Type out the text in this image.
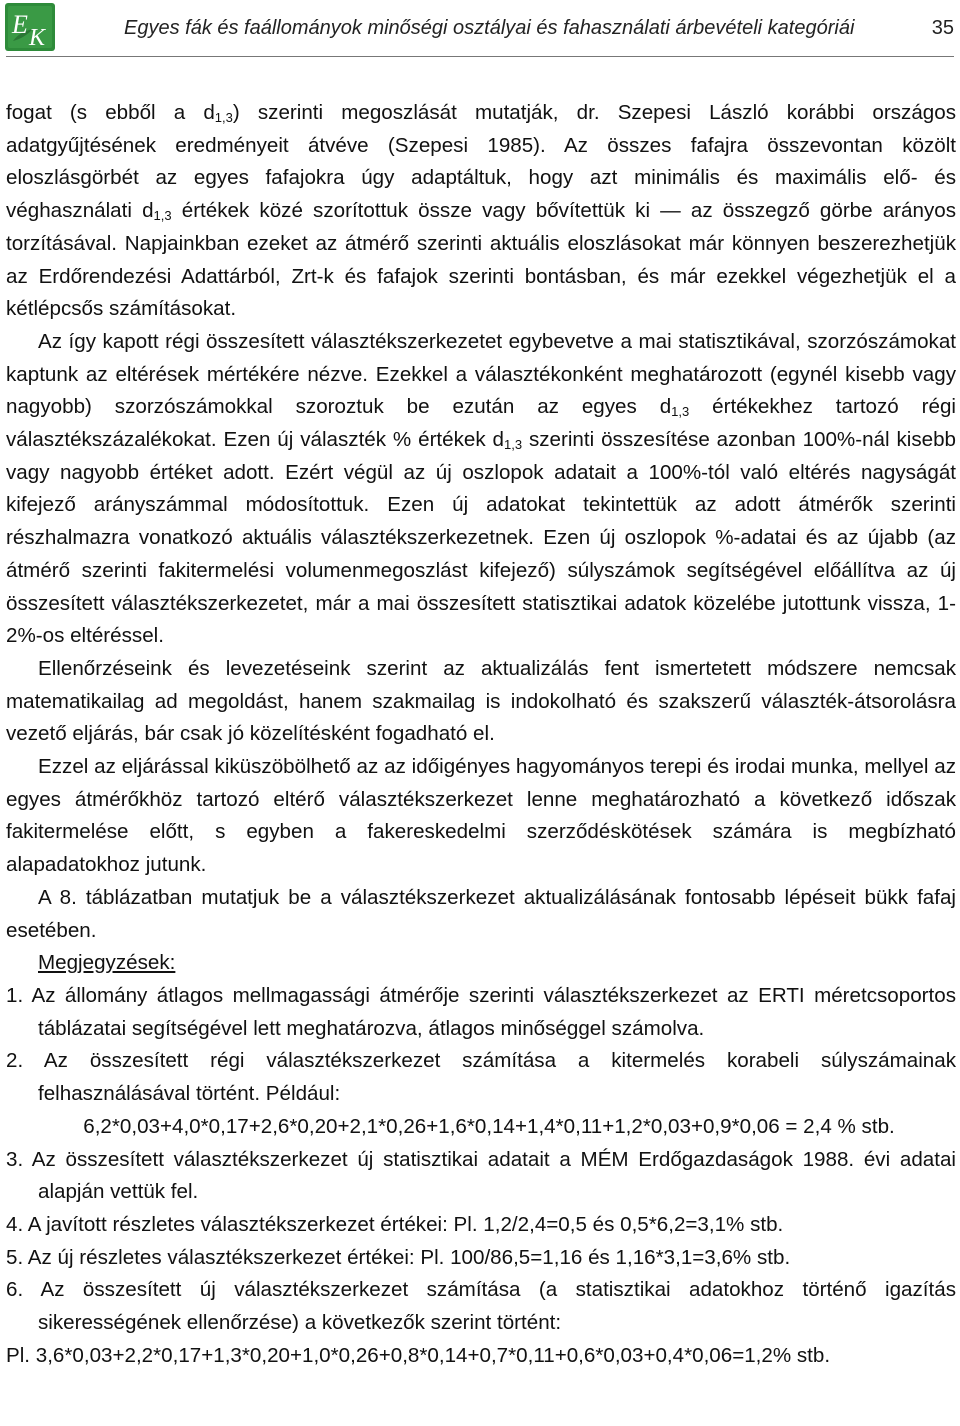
E K	Egyes fák és faállományok minőségi osztályai és fahasználati árbevételi kategóriái	35

fogat (s ebből a $d_{1,3}$) szerinti megoszlását mutatják, dr. Szepesi László korábbi országos adatgyűjtésének eredményeit átvéve (Szepesi 1985). Az összes fafajra összevontan közölt eloszlásgörbét az egyes fafajokra úgy adaptáltuk, hogy azt minimális és maximális elő- és véghasználati $d_{1,3}$ értékek közé szorítottuk össze vagy bővítettük ki — az összegző görbe arányos torzításával. Napjainkban ezeket az átmérő szerinti aktuális eloszlásokat már könnyen beszerezhetjük az Erdőrendezési Adattárból, Zrt-k és fafajok szerinti bontásban, és már ezekkel végezhetjük el a kétlépcsős számításokat.

Az így kapott régi összesített választékszerkezetet egybevetve a mai statisztikával, szorzószámokat kaptunk az eltérések mértékére nézve. Ezekkel a választékonként meghatározott (egynél kisebb vagy nagyobb) szorzószámokkal szoroztuk be ezután az egyes $d_{1,3}$ értékekhez tartozó régi választékszázalékokat. Ezen új választék % értékek $d_{1,3}$ szerinti összesítése azonban 100%-nál kisebb vagy nagyobb értéket adott. Ezért végül az új oszlopok adatait a 100%-tól való eltérés nagyságát kifejező arányszámmal módosítottuk. Ezen új adatokat tekintettük az adott átmérők szerinti részhalmazra vonatkozó aktuális választékszerkezetnek. Ezen új oszlopok %-adatai és az újabb (az átmérő szerinti fakitermelési volumenmegoszlást kifejező) súlyszámok segítségével előállítva az új összesített választékszerkezetet, már a mai összesített statisztikai adatok közelébe jutottunk vissza, 1-2%-os eltéréssel.

Ellenőrzéseink és levezetéseink szerint az aktualizálás fent ismertetett módszere nemcsak matematikailag ad megoldást, hanem szakmailag is indokolható és szakszerű választék-átsorolásra vezető eljárás, bár csak jó közelítésként fogadható el.

Ezzel az eljárással kiküszöbölhető az az időigényes hagyományos terepi és irodai munka, mellyel az egyes átmérőkhöz tartozó eltérő választékszerkezet lenne meghatározható a következő időszak fakitermelése előtt, s egyben a fakereskedelmi szerződéskötések számára is megbízható alapadatokhoz jutunk.

A 8. táblázatban mutatjuk be a választékszerkezet aktualizálásának fontosabb lépéseit bükk fafaj esetében.

Megjegyzések:

1. Az állomány átlagos mellmagassági átmérője szerinti választékszerkezet az ERTI méretcsoportos táblázatai segítségével lett meghatározva, átlagos minőséggel számolva.

2. Az összesített régi választékszerkezet számítása a kitermelés korabeli súlyszámainak felhasználásával történt. Például:

6,2*0,03+4,0*0,17+2,6*0,20+2,1*0,26+1,6*0,14+1,4*0,11+1,2*0,03+0,9*0,06 = 2,4 % stb.

3. Az összesített választékszerkezet új statisztikai adatait a MÉM Erdőgazdaságok 1988. évi adatai alapján vettük fel.

4. A javított részletes választékszerkezet értékei: Pl. 1,2/2,4=0,5 és 0,5*6,2=3,1% stb.

5. Az új részletes választékszerkezet értékei: Pl. 100/86,5=1,16 és 1,16*3,1=3,6% stb.

6. Az összesített új választékszerkezet számítása (a statisztikai adatokhoz történő igazítás sikerességének ellenőrzése) a következők szerint történt:

Pl. 3,6*0,03+2,2*0,17+1,3*0,20+1,0*0,26+0,8*0,14+0,7*0,11+0,6*0,03+0,4*0,06=1,2% stb.
